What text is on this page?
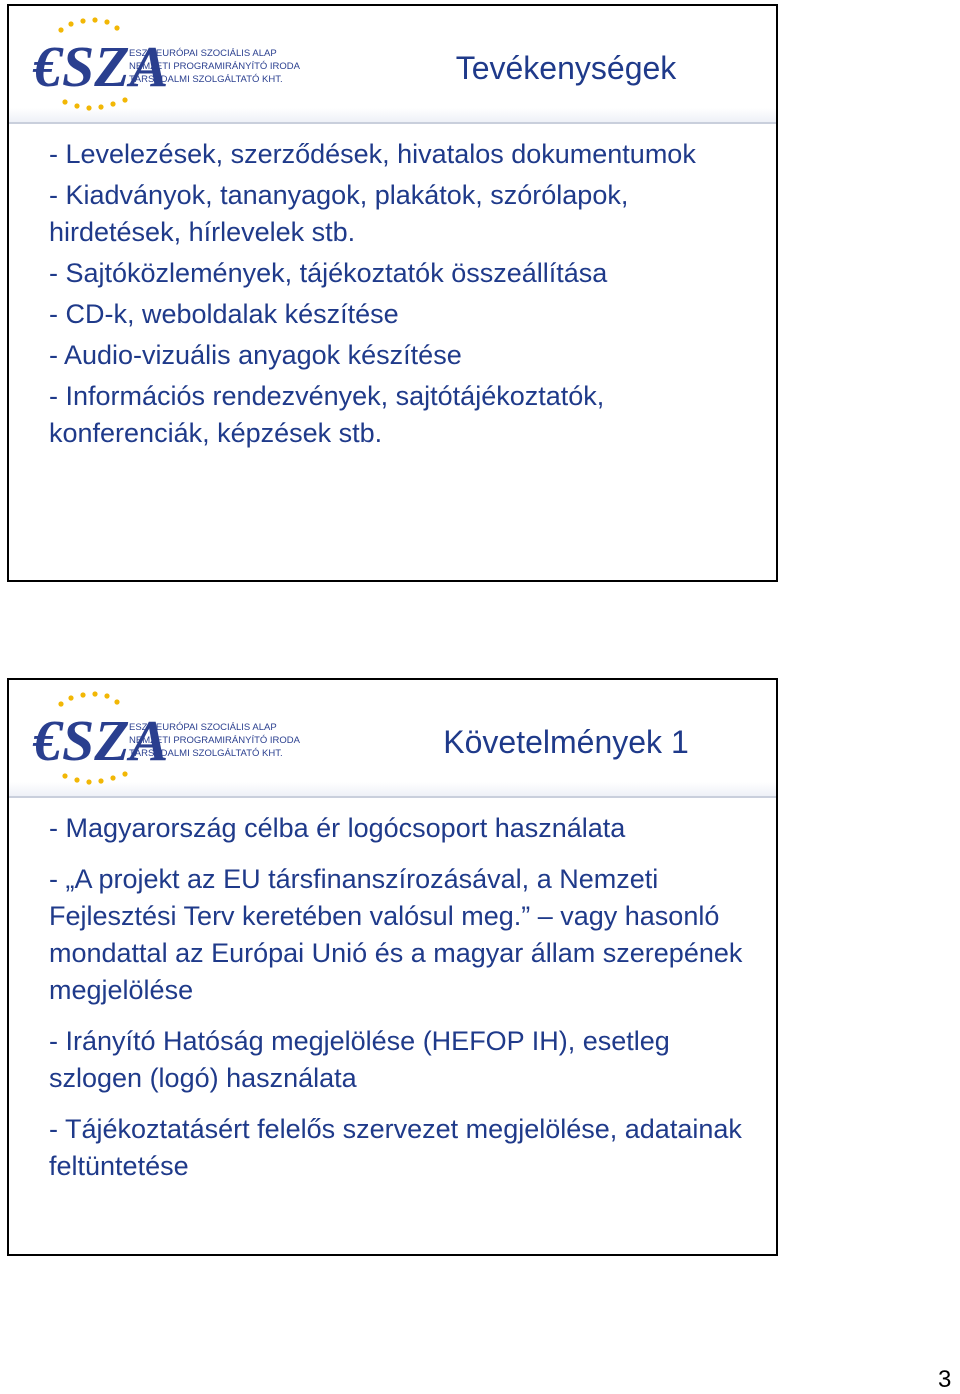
€SZA
ESZA EURÓPAI SZOCIÁLIS ALAP
NEMZETI PROGRAMIRÁNYÍTÓ IRODA
TÁRSADALMI SZOLGÁLTATÓ KHT.	Tevékenységek

- Levelezések, szerződések, hivatalos dokumentumok

- Kiadványok, tananyagok, plakátok, szórólapok, hirdetések, hírlevelek stb.

- Sajtóközlemények, tájékoztatók összeállítása

- CD-k, weboldalak készítése

- Audio-vizuális anyagok készítése

- Információs rendezvények, sajtótájékoztatók, konferenciák, képzések stb.

€SZA
ESZA EURÓPAI SZOCIÁLIS ALAP
NEMZETI PROGRAMIRÁNYÍTÓ IRODA
TÁRSADALMI SZOLGÁLTATÓ KHT.	Követelmények 1

- Magyarország célba ér logócsoport használata

- „A projekt az EU társfinanszírozásával, a Nemzeti Fejlesztési Terv keretében valósul meg.” – vagy hasonló mondattal az Európai Unió és a magyar állam szerepének megjelölése

- Irányító Hatóság megjelölése (HEFOP IH), esetleg szlogen (logó) használata

- Tájékoztatásért felelős szervezet megjelölése, adatainak feltüntetése

3
